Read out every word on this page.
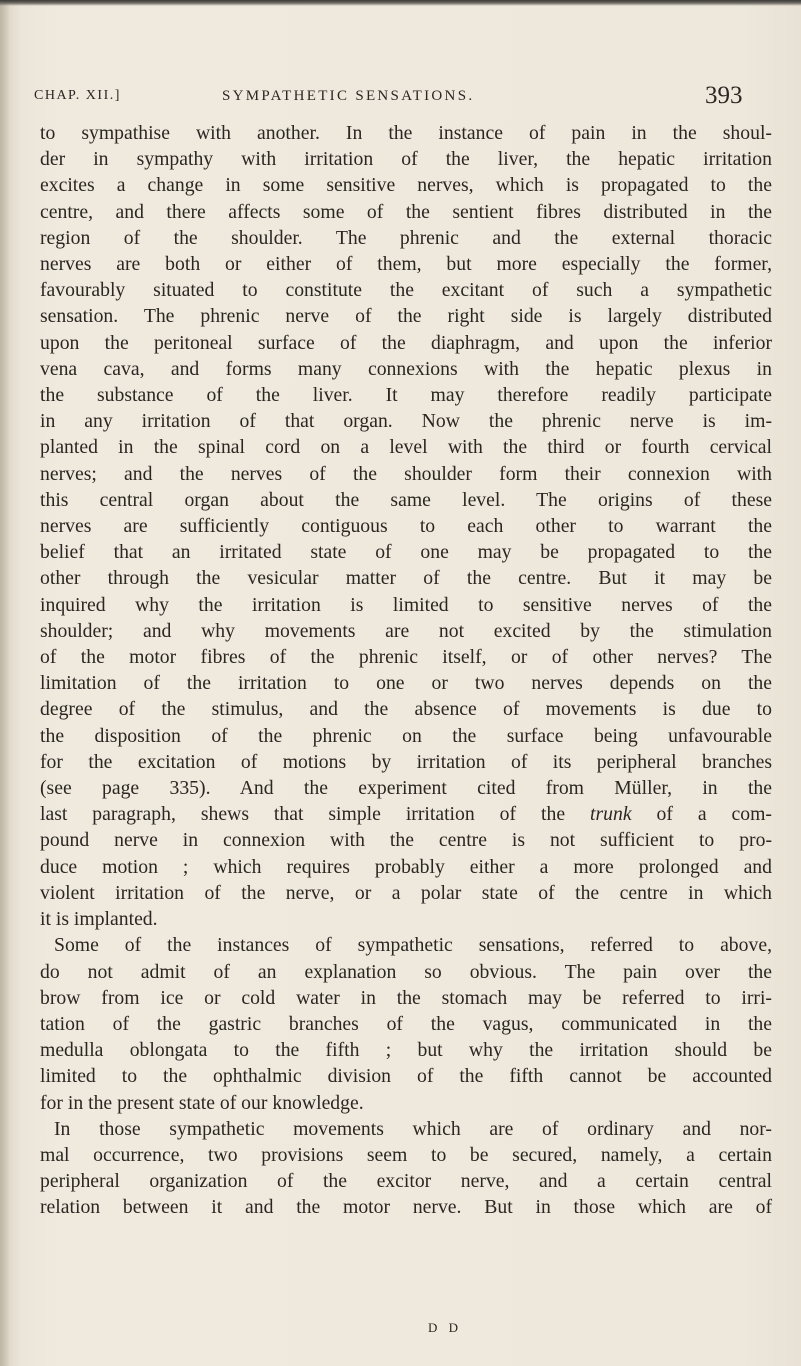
CHAP. XII.]	SYMPATHETIC SENSATIONS.	393
to sympathise with another. In the instance of pain in the shoul-
der in sympathy with irritation of the liver, the hepatic irritation
excites a change in some sensitive nerves, which is propagated to the
centre, and there affects some of the sentient fibres distributed in the
region of the shoulder. The phrenic and the external thoracic
nerves are both or either of them, but more especially the former,
favourably situated to constitute the excitant of such a sympathetic
sensation. The phrenic nerve of the right side is largely distributed
upon the peritoneal surface of the diaphragm, and upon the inferior
vena cava, and forms many connexions with the hepatic plexus in
the substance of the liver. It may therefore readily participate
in any irritation of that organ. Now the phrenic nerve is im-
planted in the spinal cord on a level with the third or fourth cervical
nerves; and the nerves of the shoulder form their connexion with
this central organ about the same level. The origins of these
nerves are sufficiently contiguous to each other to warrant the
belief that an irritated state of one may be propagated to the
other through the vesicular matter of the centre. But it may be
inquired why the irritation is limited to sensitive nerves of the
shoulder; and why movements are not excited by the stimulation
of the motor fibres of the phrenic itself, or of other nerves? The
limitation of the irritation to one or two nerves depends on the
degree of the stimulus, and the absence of movements is due to
the disposition of the phrenic on the surface being unfavourable
for the excitation of motions by irritation of its peripheral branches
(see page 335). And the experiment cited from Müller, in the
last paragraph, shews that simple irritation of the trunk of a com-
pound nerve in connexion with the centre is not sufficient to pro-
duce motion ; which requires probably either a more prolonged and
violent irritation of the nerve, or a polar state of the centre in which
it is implanted.
Some of the instances of sympathetic sensations, referred to above,
do not admit of an explanation so obvious. The pain over the
brow from ice or cold water in the stomach may be referred to irri-
tation of the gastric branches of the vagus, communicated in the
medulla oblongata to the fifth ; but why the irritation should be
limited to the ophthalmic division of the fifth cannot be accounted
for in the present state of our knowledge.
In those sympathetic movements which are of ordinary and nor-
mal occurrence, two provisions seem to be secured, namely, a certain
peripheral organization of the excitor nerve, and a certain central
relation between it and the motor nerve. But in those which are of
D D
